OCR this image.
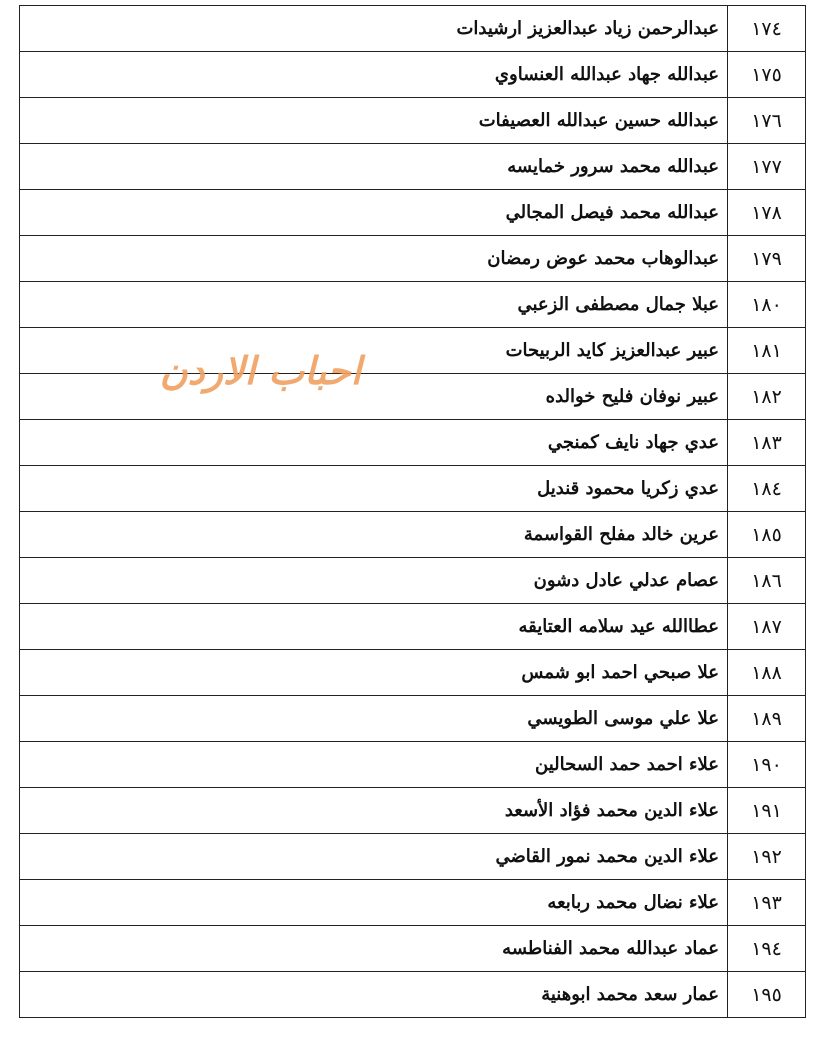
١٧٤	عبدالرحمن زياد عبدالعزيز ارشيدات
١٧٥	عبدالله جهاد عبدالله العنساوي
١٧٦	عبدالله حسين عبدالله العصيفات
١٧٧	عبدالله محمد سرور خمايسه
١٧٨	عبدالله محمد فيصل المجالي
١٧٩	عبدالوهاب محمد عوض رمضان
١٨٠	عبلا جمال مصطفى الزعبي
١٨١	عبير عبدالعزيز كايد الربيحات
١٨٢	عبير نوفان فليح خوالده
١٨٣	عدي جهاد نايف كمنجي
١٨٤	عدي زكريا محمود قنديل
١٨٥	عرين خالد مفلح القواسمة
١٨٦	عصام عدلي عادل دشون
١٨٧	عطاالله عيد سلامه العتايقه
١٨٨	علا صبحي احمد ابو شمس
١٨٩	علا علي موسى الطويسي
١٩٠	علاء احمد حمد السحالين
١٩١	علاء الدين محمد فؤاد الأسعد
١٩٢	علاء الدين محمد نمور القاضي
١٩٣	علاء نضال محمد ربابعه
١٩٤	عماد عبدالله محمد الفناطسه
١٩٥	عمار سعد محمد ابوهنية
احباب الاردن
